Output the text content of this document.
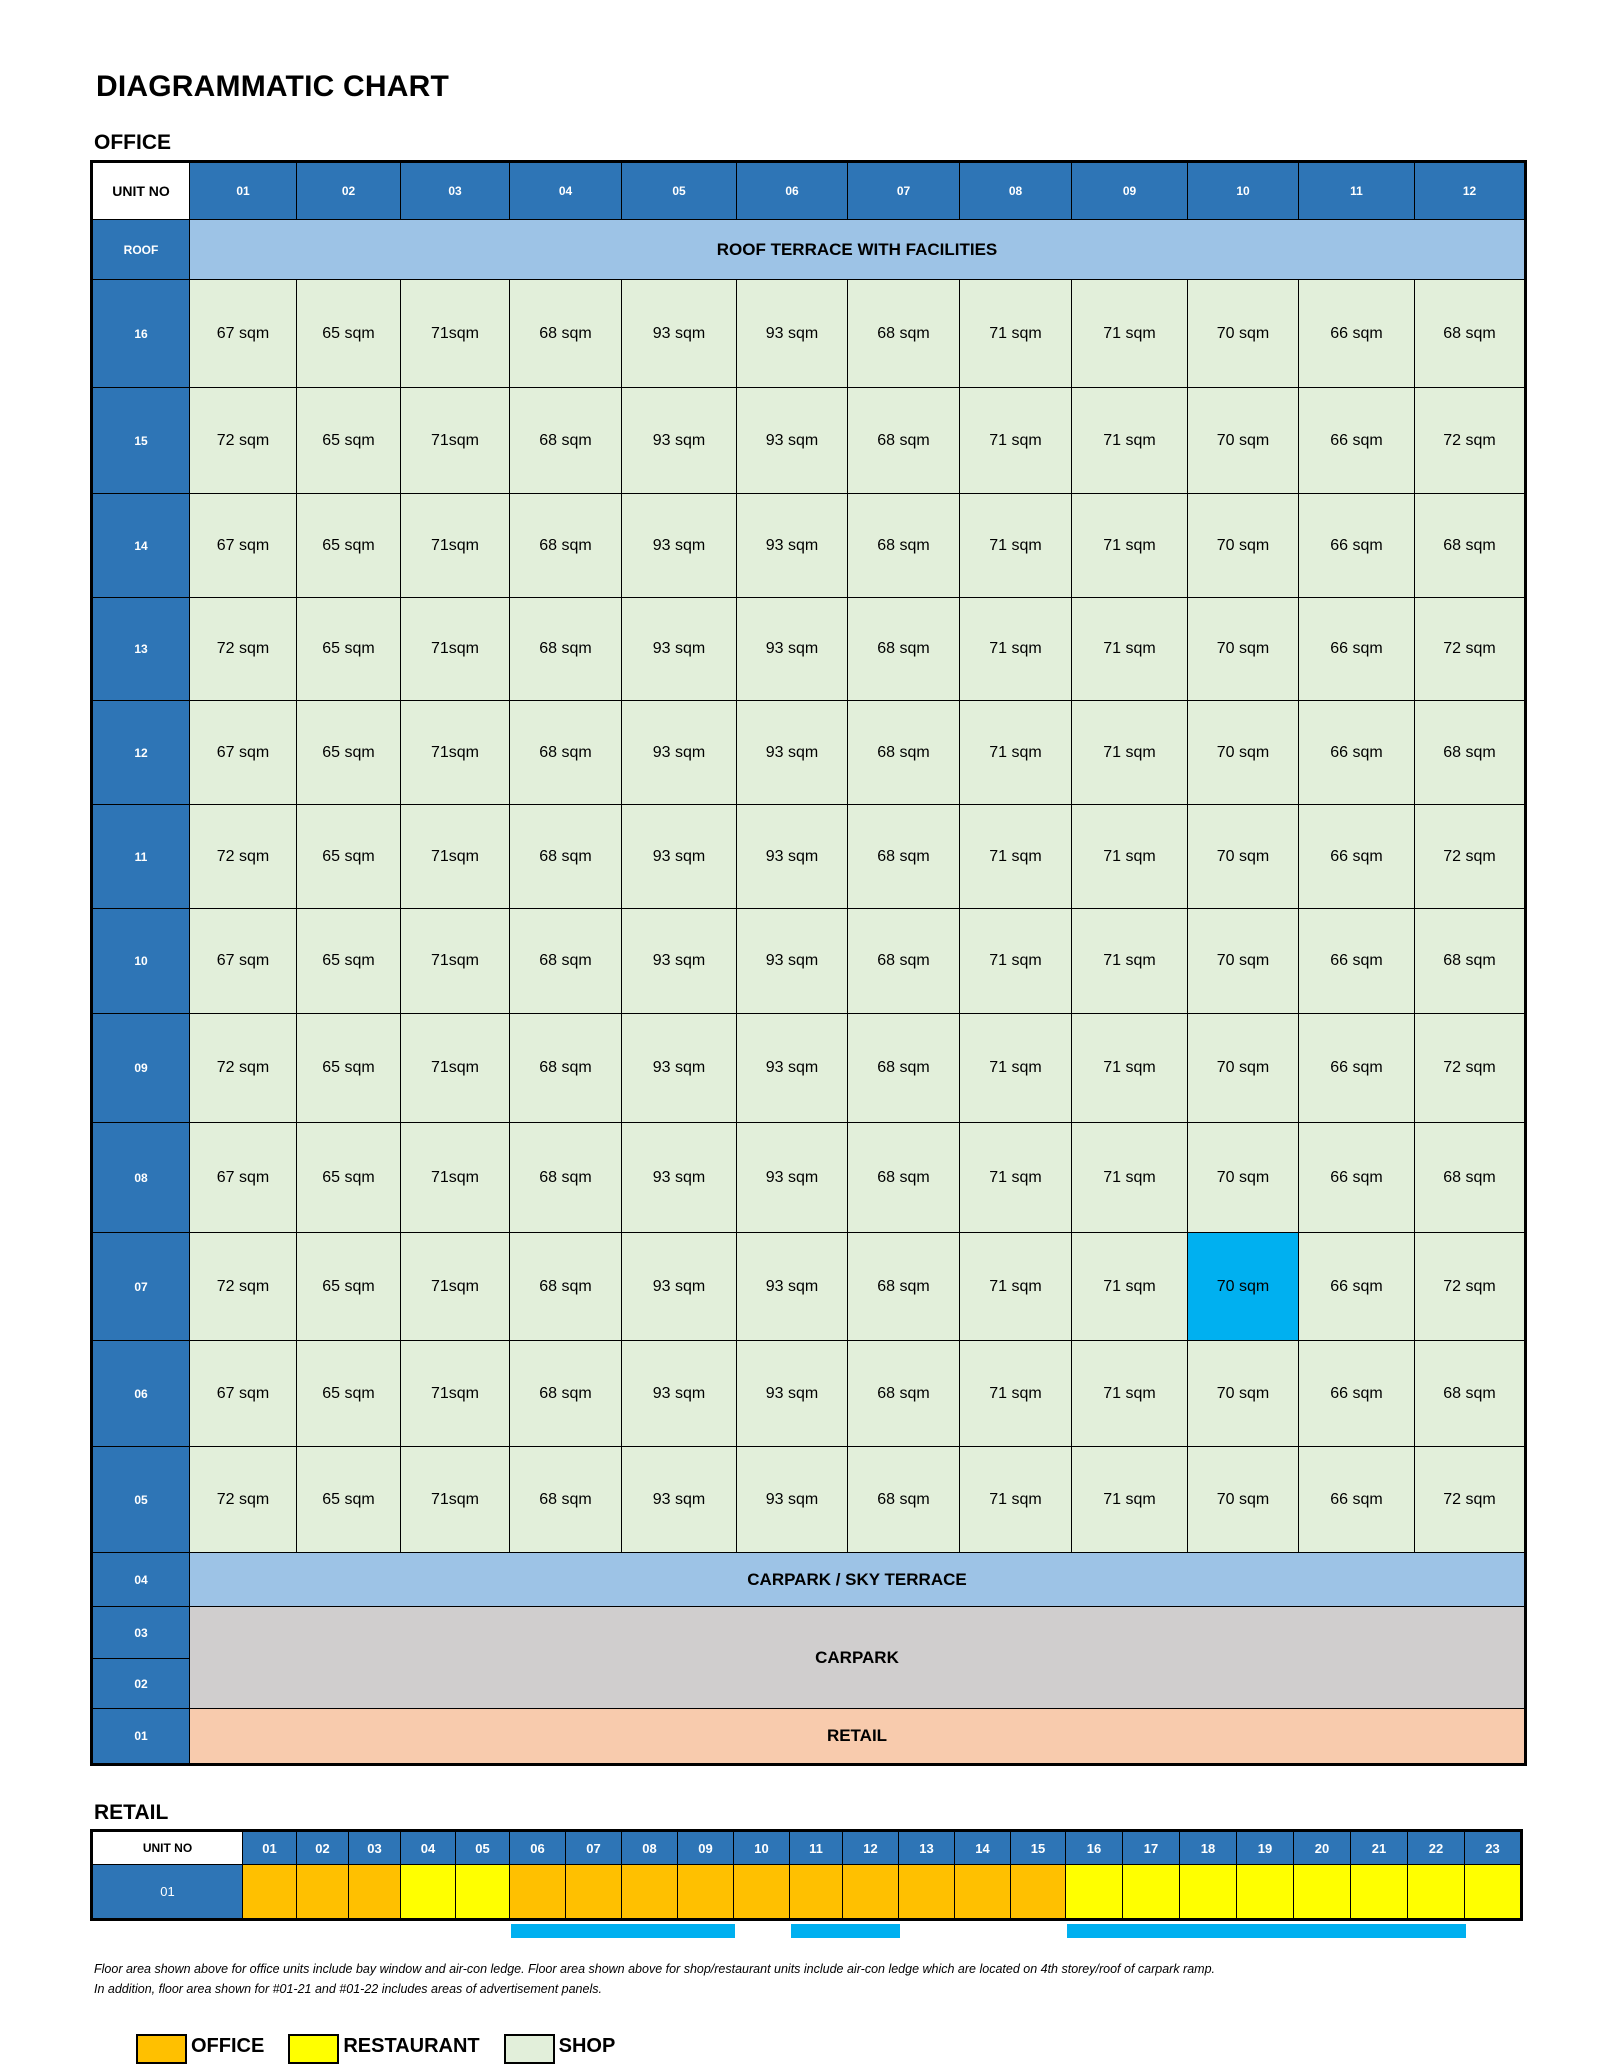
DIAGRAMMATIC CHART
OFFICE
UNIT NO	01	02	03	04	05	06	07	08	09	10	11	12
ROOF	ROOF TERRACE WITH FACILITIES											
16	67 sqm	65 sqm	71sqm	68 sqm	93 sqm	93 sqm	68 sqm	71 sqm	71 sqm	70 sqm	66 sqm	68 sqm
15	72 sqm	65 sqm	71sqm	68 sqm	93 sqm	93 sqm	68 sqm	71 sqm	71 sqm	70 sqm	66 sqm	72 sqm
14	67 sqm	65 sqm	71sqm	68 sqm	93 sqm	93 sqm	68 sqm	71 sqm	71 sqm	70 sqm	66 sqm	68 sqm
13	72 sqm	65 sqm	71sqm	68 sqm	93 sqm	93 sqm	68 sqm	71 sqm	71 sqm	70 sqm	66 sqm	72 sqm
12	67 sqm	65 sqm	71sqm	68 sqm	93 sqm	93 sqm	68 sqm	71 sqm	71 sqm	70 sqm	66 sqm	68 sqm
11	72 sqm	65 sqm	71sqm	68 sqm	93 sqm	93 sqm	68 sqm	71 sqm	71 sqm	70 sqm	66 sqm	72 sqm
10	67 sqm	65 sqm	71sqm	68 sqm	93 sqm	93 sqm	68 sqm	71 sqm	71 sqm	70 sqm	66 sqm	68 sqm
09	72 sqm	65 sqm	71sqm	68 sqm	93 sqm	93 sqm	68 sqm	71 sqm	71 sqm	70 sqm	66 sqm	72 sqm
08	67 sqm	65 sqm	71sqm	68 sqm	93 sqm	93 sqm	68 sqm	71 sqm	71 sqm	70 sqm	66 sqm	68 sqm
07	72 sqm	65 sqm	71sqm	68 sqm	93 sqm	93 sqm	68 sqm	71 sqm	71 sqm	70 sqm	66 sqm	72 sqm
06	67 sqm	65 sqm	71sqm	68 sqm	93 sqm	93 sqm	68 sqm	71 sqm	71 sqm	70 sqm	66 sqm	68 sqm
05	72 sqm	65 sqm	71sqm	68 sqm	93 sqm	93 sqm	68 sqm	71 sqm	71 sqm	70 sqm	66 sqm	72 sqm
04	CARPARK / SKY TERRACE											
03	CARPARK											
02												
01	RETAIL											
RETAIL
UNIT NO	01	02	03	04	05	06	07	08	09	10	11	12	13	14	15	16	17	18	19	20	21	22	23
01																							
Floor area shown above for office units include bay window and air-con ledge. Floor area shown above for shop/restaurant units include air-con ledge which are located on 4th storey/roof of carpark ramp.
In addition, floor area shown for #01-21 and #01-22 includes areas of advertisement panels.
OFFICE	RESTAURANT	SHOP
